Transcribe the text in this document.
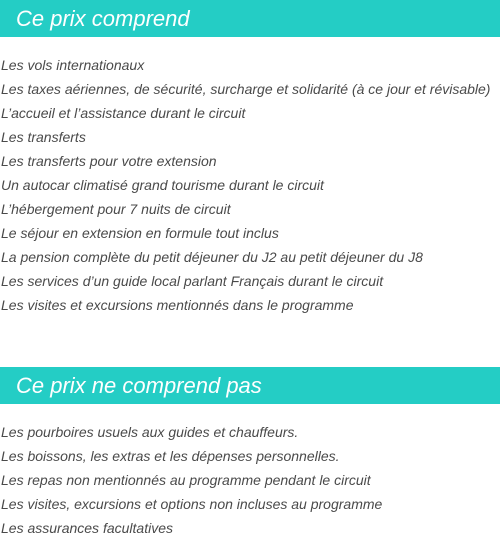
Ce prix comprend
Les vols internationaux
Les taxes aériennes, de sécurité, surcharge et solidarité (à ce jour et révisable)
L’accueil et l’assistance durant le circuit
Les transferts
Les transferts pour votre extension
Un autocar climatisé grand tourisme durant le circuit
L’hébergement pour 7 nuits de circuit
Le séjour en extension en formule tout inclus
La pension complète du petit déjeuner du J2 au petit déjeuner du J8
Les services d’un guide local parlant Français durant le circuit
Les visites et excursions mentionnés dans le programme
Ce prix ne comprend pas
Les pourboires usuels aux guides et chauffeurs.
Les boissons, les extras et les dépenses personnelles.
Les repas non mentionnés au programme pendant le circuit
Les visites, excursions et options non incluses au programme
Les assurances facultatives
